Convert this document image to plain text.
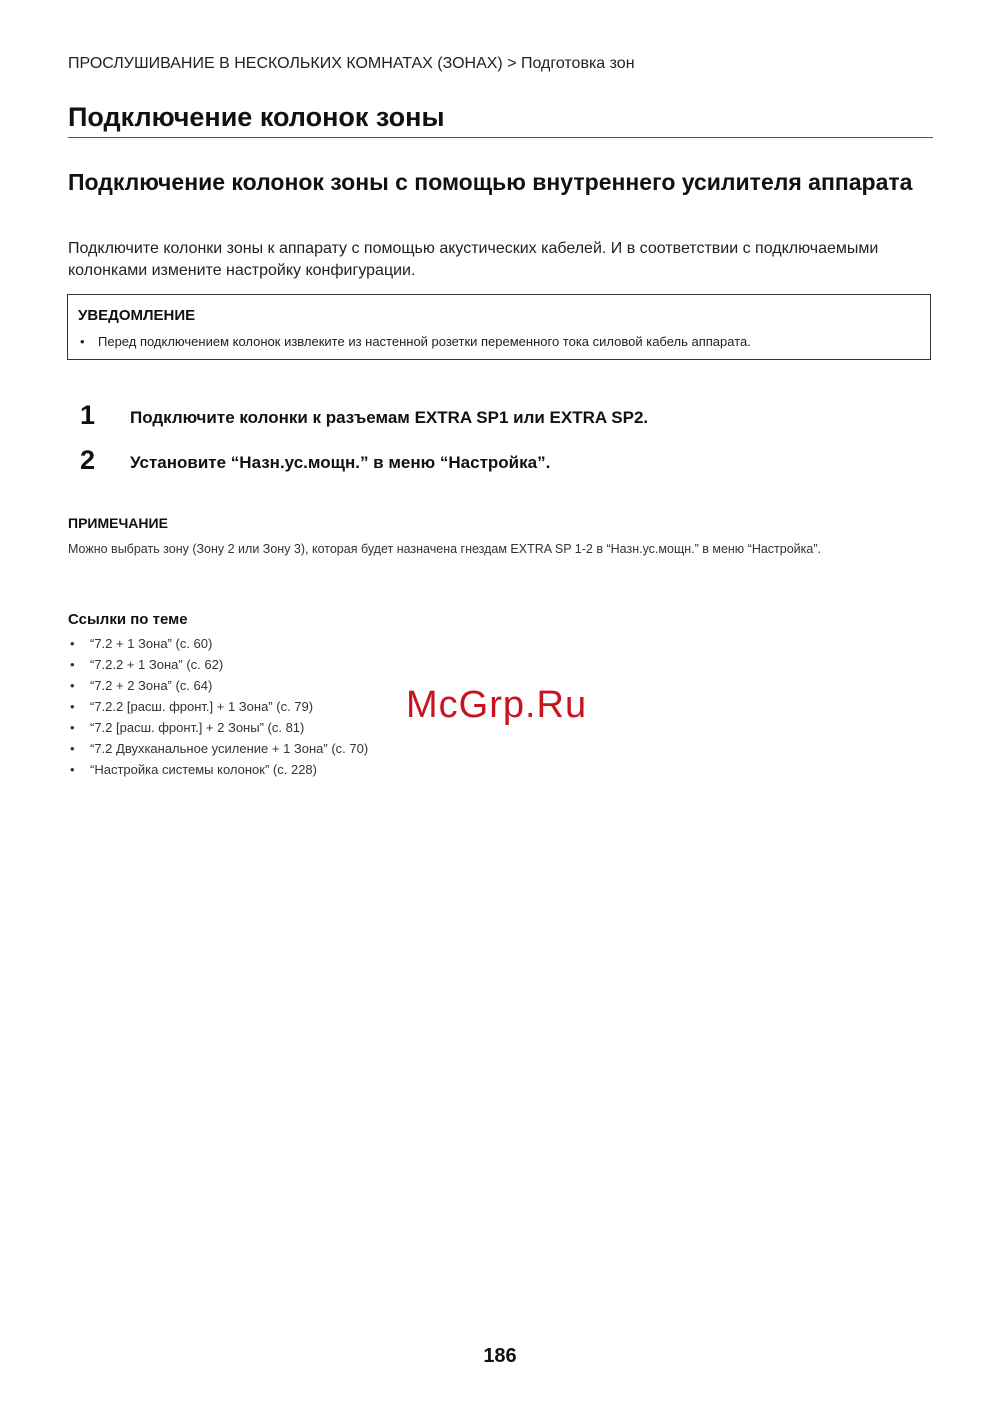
ПРОСЛУШИВАНИЕ В НЕСКОЛЬКИХ КОМНАТАХ (ЗОНАХ) > Подготовка зон
Подключение колонок зоны
Подключение колонок зоны с помощью внутреннего усилителя аппарата

Подключите колонки зоны к аппарату с помощью акустических кабелей. И в соответствии с подключаемыми колонками измените настройку конфигурации.

УВЕДОМЛЕНИЕ
• Перед подключением колонок извлеките из настенной розетки переменного тока силовой кабель аппарата.
1 Подключите колонки к разъемам EXTRA SP1 или EXTRA SP2.
2 Установите “Назн.ус.мощн.” в меню “Настройка”.
ПРИМЕЧАНИЕ

Можно выбрать зону (Зону 2 или Зону 3), которая будет назначена гнездам EXTRA SP 1-2 в “Назн.ус.мощн.” в меню “Настройка”.

Ссылки по теме
• “7.2 + 1 Зона” (с. 60)
• “7.2.2 + 1 Зона” (с. 62)
• “7.2 + 2 Зона” (с. 64)
• “7.2.2 [расш. фронт.] + 1 Зона” (с. 79)
• “7.2 [расш. фронт.] + 2 Зоны” (с. 81)
• “7.2 Двухканальное усиление + 1 Зона” (с. 70)
• “Настройка системы колонок” (с. 228)
McGrp.Ru
186
